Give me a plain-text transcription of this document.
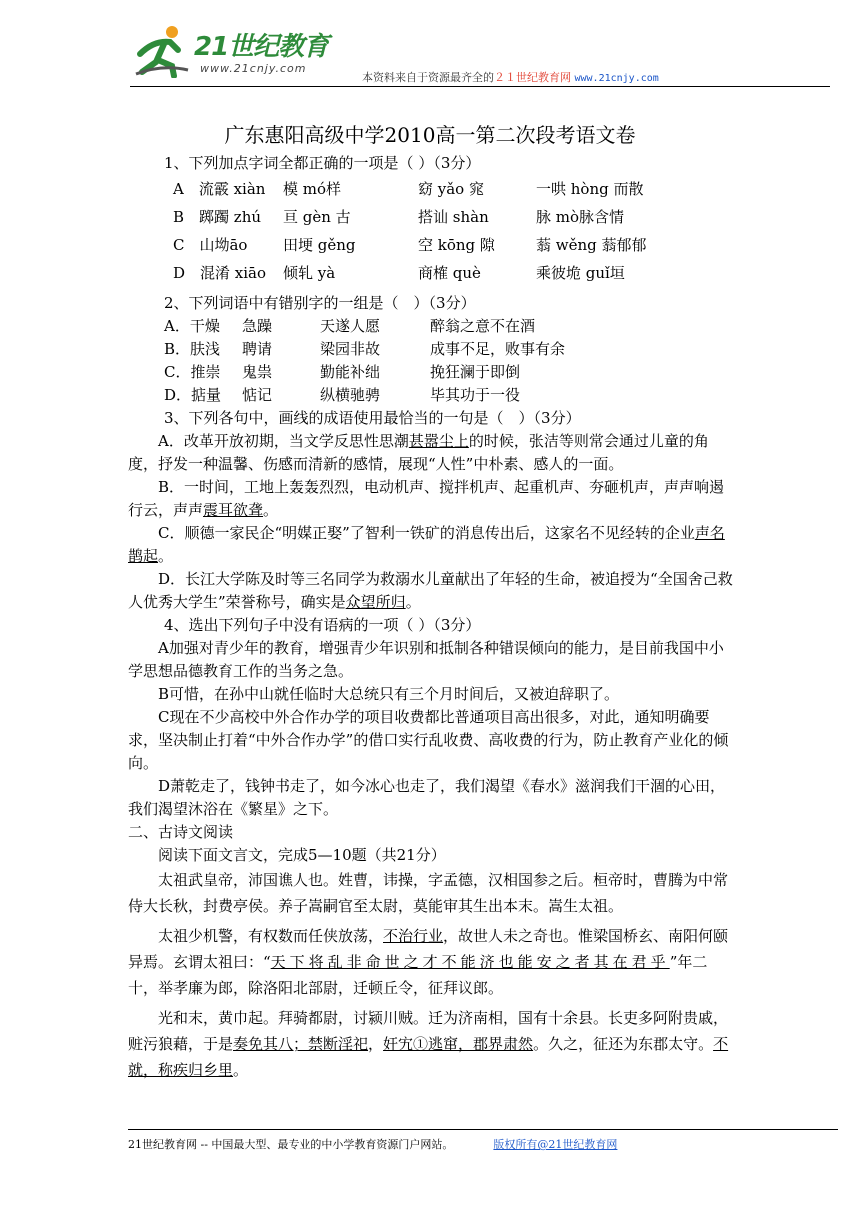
21世纪教育
www.21cnjy.com
本资料来自于资源最齐全的２１世纪教育网 www.21cnjy.com
广东惠阳高级中学2010高一第二次段考语文卷

1、下列加点字词全都正确的一项是（ ）（3分）

A　流霰 xiàn	模 mó样	窈 yǎo 窕	一哄 hòng 而散
B　踯躅 zhú	亘 gèn 古	搭讪 shàn	脉 mò脉含情
C　山坳āo	田埂 gěng	空 kōng 隙	蓊 wěng 蓊郁郁
D　混淆 xiāo	倾轧 yà	商榷 què	乘彼垝 guǐ垣

2、下列词语中有错别字的一组是（　）（3分）

A．干燥	急躁	天遂人愿	醉翁之意不在酒
B．肤浅	聘请	梁园非故	成事不足，败事有余
C．推崇	鬼祟	勤能补绌	挽狂澜于即倒
D．掂量	惦记	纵横驰骋	毕其功于一役

3、下列各句中，画线的成语使用最恰当的一句是（　）（3分）

A．改革开放初期，当文学反思性思潮甚嚣尘上的时候，张洁等则常会通过儿童的角度，抒发一种温馨、伤感而清新的感情，展现“人性”中朴素、感人的一面。

B．一时间，工地上轰轰烈烈，电动机声、搅拌机声、起重机声、夯砸机声，声声响遏行云，声声震耳欲聋。

C．顺德一家民企“明媒正娶”了智利一铁矿的消息传出后，这家名不见经转的企业声名鹊起。

D．长江大学陈及时等三名同学为救溺水儿童献出了年轻的生命，被追授为“全国舍己救人优秀大学生”荣誉称号，确实是众望所归。

4、选出下列句子中没有语病的一项（ ）（3分）

A加强对青少年的教育，增强青少年识别和抵制各种错误倾向的能力，是目前我国中小学思想品德教育工作的当务之急。

B可惜，在孙中山就任临时大总统只有三个月时间后，又被迫辞职了。

C现在不少高校中外合作办学的项目收费都比普通项目高出很多，对此，通知明确要求，坚决制止打着“中外合作办学”的借口实行乱收费、高收费的行为，防止教育产业化的倾向。

D萧乾走了，钱钟书走了，如今冰心也走了，我们渴望《春水》滋润我们干涸的心田，我们渴望沐浴在《繁星》之下。

二、古诗文阅读

阅读下面文言文，完成5—10题（共21分）

太祖武皇帝，沛国谯人也。姓曹，讳操，字孟德，汉相国参之后。桓帝时，曹腾为中常侍大长秋，封费亭侯。养子嵩嗣官至太尉，莫能审其生出本末。嵩生太祖。

太祖少机警，有权数而任侠放荡，不治行业，故世人未之奇也。惟梁国桥玄、南阳何颐异焉。玄谓太祖曰：“天下将乱非命世之才不能济也能安之者其在君乎”年二十，举孝廉为郎，除洛阳北部尉，迁顿丘令，征拜议郎。

光和末，黄巾起。拜骑都尉，讨颍川贼。迁为济南相，国有十余县。长吏多阿附贵戚，赃污狼藉，于是奏免其八；禁断淫祀，奸宄①逃窜，郡界肃然。久之，征还为东郡太守。不就，称疾归乡里。

21世纪教育网 -- 中国最大型、最专业的中小学教育资源门户网站。	版权所有@21世纪教育网
